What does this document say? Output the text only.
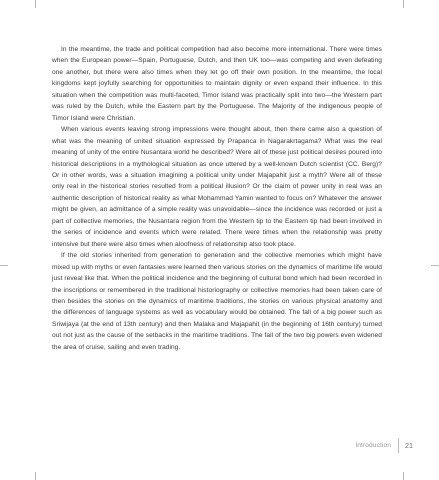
In the meantime, the trade and political competition had also become more international. There were times when the European power—Spain, Portuguese, Dutch, and then UK too—was competing and even defeating one another, but there were also times when they let go off their own position. In the meantime, the local kingdoms kept joyfully searching for opportunities to maintain dignity or even expand their influence. In this situation when the competition was multi-faceted, Timor Island was practically split into two—the Western part was ruled by the Dutch, while the Eastern part by the Portuguese. The Majority of the indigenous people of Timor Island were Christian.

When various events leaving strong impressions were thought about, then there came also a question of what was the meaning of united situation expressed by Prapanca in Nagarakrtagama? What was the real meaning of unity of the entire Nusantara world he described? Were all of these just political desires poured into historical descriptions in a mythological situation as once uttered by a well-known Dutch scientist (CC. Berg)? Or in other words, was a situation imagining a political unity under Majapahit just a myth? Were all of these only real in the historical stories resulted from a political illusion? Or the claim of power unity in real was an authentic description of historical reality as what Mohammad Yamin wanted to focus on? Whatever the answer might be given, an admittance of a simple reality was unavoidable—since the incidence was recorded or just a part of collective memories, the Nusantara region from the Western tip to the Eastern tip had been involved in the series of incidence and events which were related. There were times when the relationship was pretty intensive but there were also times when aloofness of relationship also took place.

If the old stories inherited from generation to generation and the collective memories which might have mixed up with myths or even fantasies were learned then various stories on the dynamics of maritime life would just reveal like that. When the political incidence and the beginning of cultural bond which had been recorded in the inscriptions or remembered in the traditional historiography or collective memories had been taken care of then besides the stories on the dynamics of maritime traditions, the stories on various physical anatomy and the differences of language systems as well as vocabulary would be obtained. The fall of a big power such as Sriwijaya (at the end of 13th century) and then Malaka and Majapahit (in the beginning of 16th century) turned out not just as the cause of the setbacks in the maritime traditions. The fall of the two big powers even widened the area of cruise, sailing and even trading.

Introduction 21
